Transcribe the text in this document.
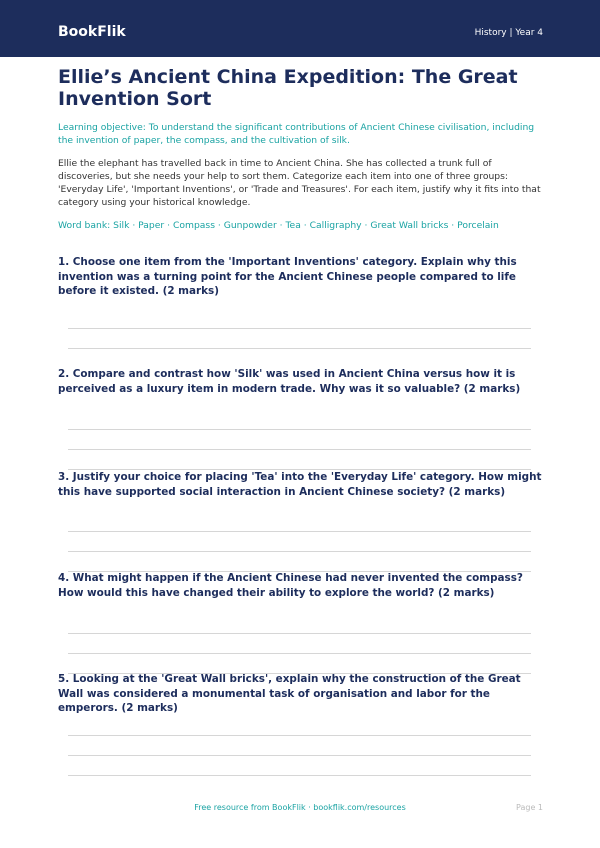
BookFlik	History | Year 4
Ellie’s Ancient China Expedition: The Great Invention Sort

Learning objective: To understand the significant contributions of Ancient Chinese civilisation, including the invention of paper, the compass, and the cultivation of silk.

Ellie the elephant has travelled back in time to Ancient China. She has collected a trunk full of discoveries, but she needs your help to sort them. Categorize each item into one of three groups: 'Everyday Life', 'Important Inventions', or 'Trade and Treasures'. For each item, justify why it fits into that category using your historical knowledge.

Word bank: Silk · Paper · Compass · Gunpowder · Tea · Calligraphy · Great Wall bricks · Porcelain

1. Choose one item from the 'Important Inventions' category. Explain why this invention was a turning point for the Ancient Chinese people compared to life before it existed. (2 marks)

2. Compare and contrast how 'Silk' was used in Ancient China versus how it is perceived as a luxury item in modern trade. Why was it so valuable? (2 marks)

3. Justify your choice for placing 'Tea' into the 'Everyday Life' category. How might this have supported social interaction in Ancient Chinese society? (2 marks)

4. What might happen if the Ancient Chinese had never invented the compass? How would this have changed their ability to explore the world? (2 marks)

5. Looking at the 'Great Wall bricks', explain why the construction of the Great Wall was considered a monumental task of organisation and labor for the emperors. (2 marks)

Free resource from BookFlik · bookflik.com/resources	Page 1
